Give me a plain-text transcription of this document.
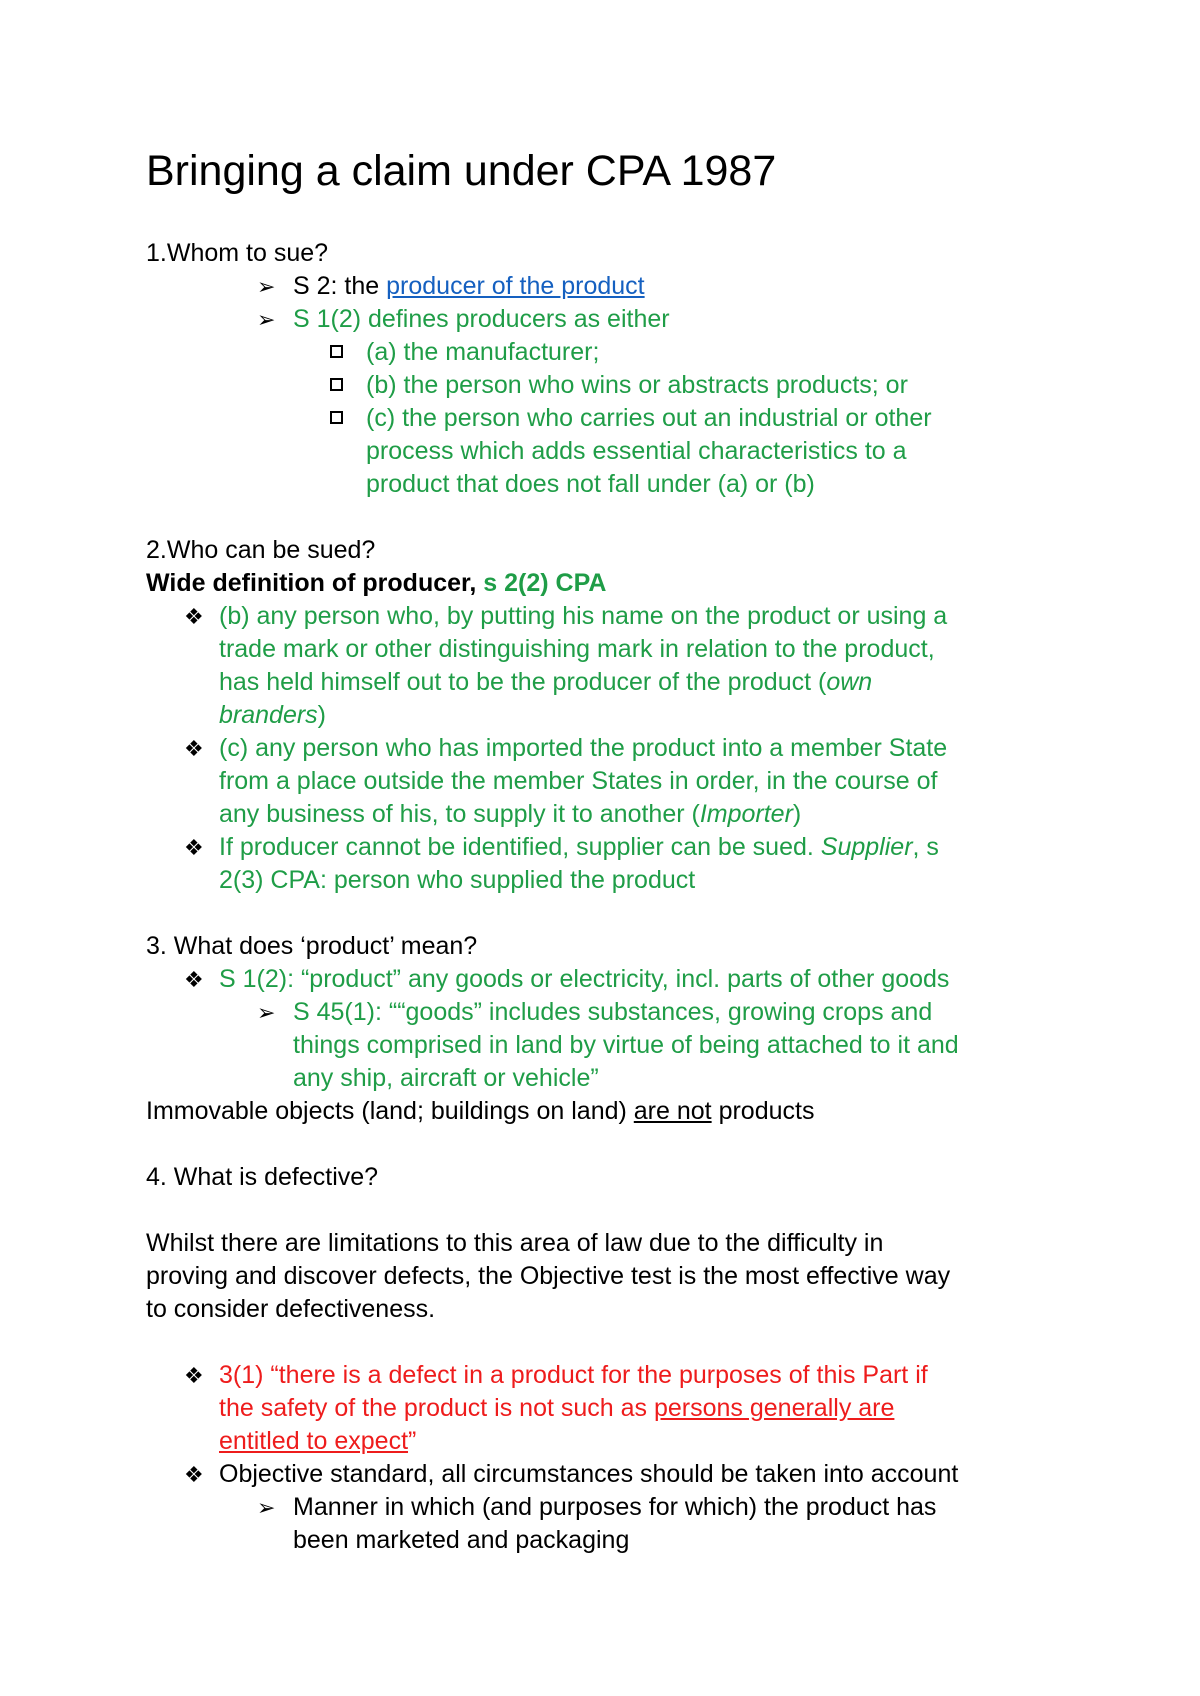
Bringing a claim under CPA 1987
1.Whom to sue?
➢ S 2: the producer of the product
➢ S 1(2) defines producers as either
(a) the manufacturer;
(b) the person who wins or abstracts products; or
(c) the person who carries out an industrial or other
process which adds essential characteristics to a
product that does not fall under (a) or (b)
2.Who can be sued?
Wide definition of producer, s 2(2) CPA
❖ (b) any person who, by putting his name on the product or using a
trade mark or other distinguishing mark in relation to the product,
has held himself out to be the producer of the product (own
branders)
❖ (c) any person who has imported the product into a member State
from a place outside the member States in order, in the course of
any business of his, to supply it to another (Importer)
❖ If producer cannot be identified, supplier can be sued. Supplier, s
2(3) CPA: person who supplied the product
3. What does ‘product’ mean?
❖ S 1(2): “product” any goods or electricity, incl. parts of other goods
➢ S 45(1): ““goods” includes substances, growing crops and
things comprised in land by virtue of being attached to it and
any ship, aircraft or vehicle”
Immovable objects (land; buildings on land) are not products
4. What is defective?
Whilst there are limitations to this area of law due to the difficulty in
proving and discover defects, the Objective test is the most effective way
to consider defectiveness.
❖ 3(1) “there is a defect in a product for the purposes of this Part if
the safety of the product is not such as persons generally are
entitled to expect”
❖ Objective standard, all circumstances should be taken into account
➢ Manner in which (and purposes for which) the product has
been marketed and packaging
